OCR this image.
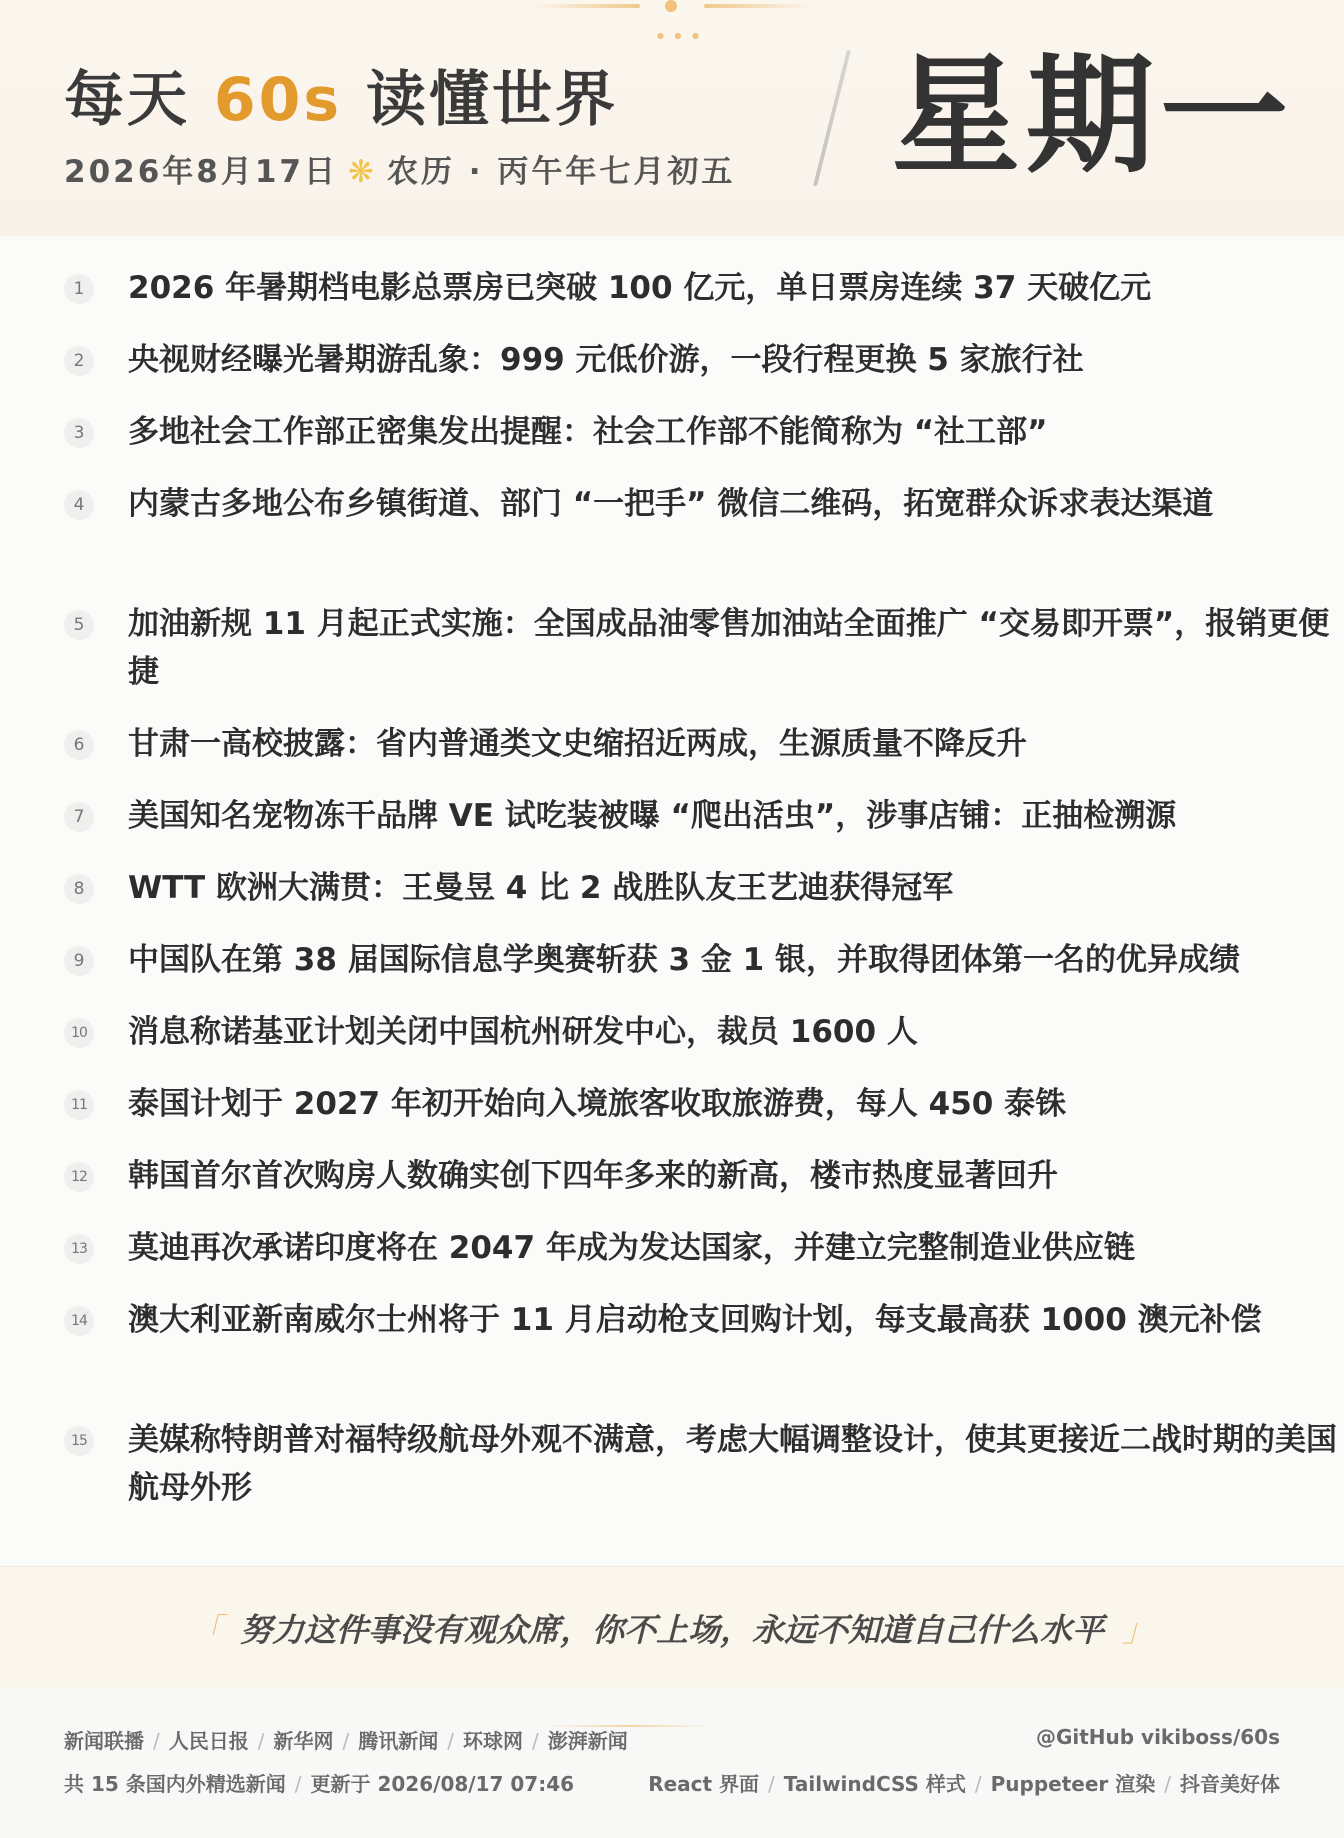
● ● ●
每天 60s 读懂世界
2026年8月17日 ❋ 农历 · 丙午年七月初五 星期一
1	2026 年暑期档电影总票房已突破 100 亿元，单日票房连续 37 天破亿元
2	央视财经曝光暑期游乱象：999 元低价游，一段行程更换 5 家旅行社
3	多地社会工作部正密集发出提醒：社会工作部不能简称为 “社工部”
4	内蒙古多地公布乡镇街道、部门 “一把手” 微信二维码，拓宽群众诉求表达渠道
5	加油新规 11 月起正式实施：全国成品油零售加油站全面推广 “交易即开票”，报销更便捷
6	甘肃一高校披露：省内普通类文史缩招近两成，生源质量不降反升
7	美国知名宠物冻干品牌 VE 试吃装被曝 “爬出活虫”，涉事店铺：正抽检溯源
8	WTT 欧洲大满贯：王曼昱 4 比 2 战胜队友王艺迪获得冠军
9	中国队在第 38 届国际信息学奥赛斩获 3 金 1 银，并取得团体第一名的优异成绩
10 消息称诺基亚计划关闭中国杭州研发中心，裁员 1600 人
11 泰国计划于 2027 年初开始向入境旅客收取旅游费，每人 450 泰铢
12 韩国首尔首次购房人数确实创下四年多来的新高，楼市热度显著回升
13 莫迪再次承诺印度将在 2047 年成为发达国家，并建立完整制造业供应链
14 澳大利亚新南威尔士州将于 11 月启动枪支回购计划，每支最高获 1000 澳元补偿
15 美媒称特朗普对福特级航母外观不满意，考虑大幅调整设计，使其更接近二战时期的美国航母外形
「 努力这件事没有观众席，你不上场，永远不知道自己什么水平 」
新闻联播 / 人民日报 / 新华网 / 腾讯新闻 / 环球网 / 澎湃新闻	@GitHub vikiboss/60s
共 15 条国内外精选新闻 / 更新于 2026/08/17 07:46	React 界面 / TailwindCSS 样式 / Puppeteer 渲染 / 抖音美好体
